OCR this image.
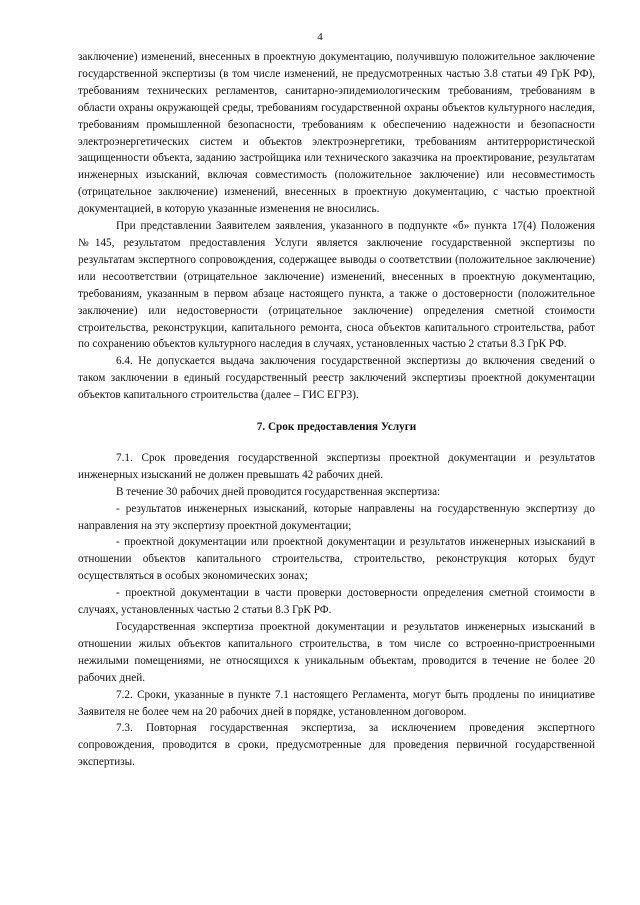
4

заключение) изменений, внесенных в проектную документацию, получившую положительное заключение государственной экспертизы (в том числе изменений, не предусмотренных частью 3.8 статьи 49 ГрК РФ), требованиям технических регламентов, санитарно-эпидемиологическим требованиям, требованиям в области охраны окружающей среды, требованиям государственной охраны объектов культурного наследия, требованиям промышленной безопасности, требованиям к обеспечению надежности и безопасности электроэнергетических систем и объектов электроэнергетики, требованиям антитеррористической защищенности объекта, заданию застройщика или технического заказчика на проектирование, результатам инженерных изысканий, включая совместимость (положительное заключение) или несовместимость (отрицательное заключение) изменений, внесенных в проектную документацию, с частью проектной документацией, в которую указанные изменения не вносились.

При представлении Заявителем заявления, указанного в подпункте «б» пункта 17(4) Положения №145, результатом предоставления Услуги является заключение государственной экспертизы по результатам экспертного сопровождения, содержащее выводы о соответствии (положительное заключение) или несоответствии (отрицательное заключение) изменений, внесенных в проектную документацию, требованиям, указанным в первом абзаце настоящего пункта, а также о достоверности (положительное заключение) или недостоверности (отрицательное заключение) определения сметной стоимости строительства, реконструкции, капитального ремонта, сноса объектов капитального строительства, работ по сохранению объектов культурного наследия в случаях, установленных частью 2 статьи 8.3 ГрК РФ.

6.4. Не допускается выдача заключения государственной экспертизы до включения сведений о таком заключении в единый государственный реестр заключений экспертизы проектной документации объектов капитального строительства (далее – ГИС ЕГРЗ).

7. Срок предоставления Услуги

7.1. Срок проведения государственной экспертизы проектной документации и результатов инженерных изысканий не должен превышать 42 рабочих дней.

В течение 30 рабочих дней проводится государственная экспертиза:

- результатов инженерных изысканий, которые направлены на государственную экспертизу до направления на эту экспертизу проектной документации;

- проектной документации или проектной документации и результатов инженерных изысканий в отношении объектов капитального строительства, строительство, реконструкция которых будут осуществляться в особых экономических зонах;

- проектной документации в части проверки достоверности определения сметной стоимости в случаях, установленных частью 2 статьи 8.3 ГрК РФ.

Государственная экспертиза проектной документации и результатов инженерных изысканий в отношении жилых объектов капитального строительства, в том числе со встроенно-пристроенными нежилыми помещениями, не относящихся к уникальным объектам, проводится в течение не более 20 рабочих дней.

7.2. Сроки, указанные в пункте 7.1 настоящего Регламента, могут быть продлены по инициативе Заявителя не более чем на 20 рабочих дней в порядке, установленном договором.

7.3. Повторная государственная экспертиза, за исключением проведения экспертного сопровождения, проводится в сроки, предусмотренные для проведения первичной государственной экспертизы.
